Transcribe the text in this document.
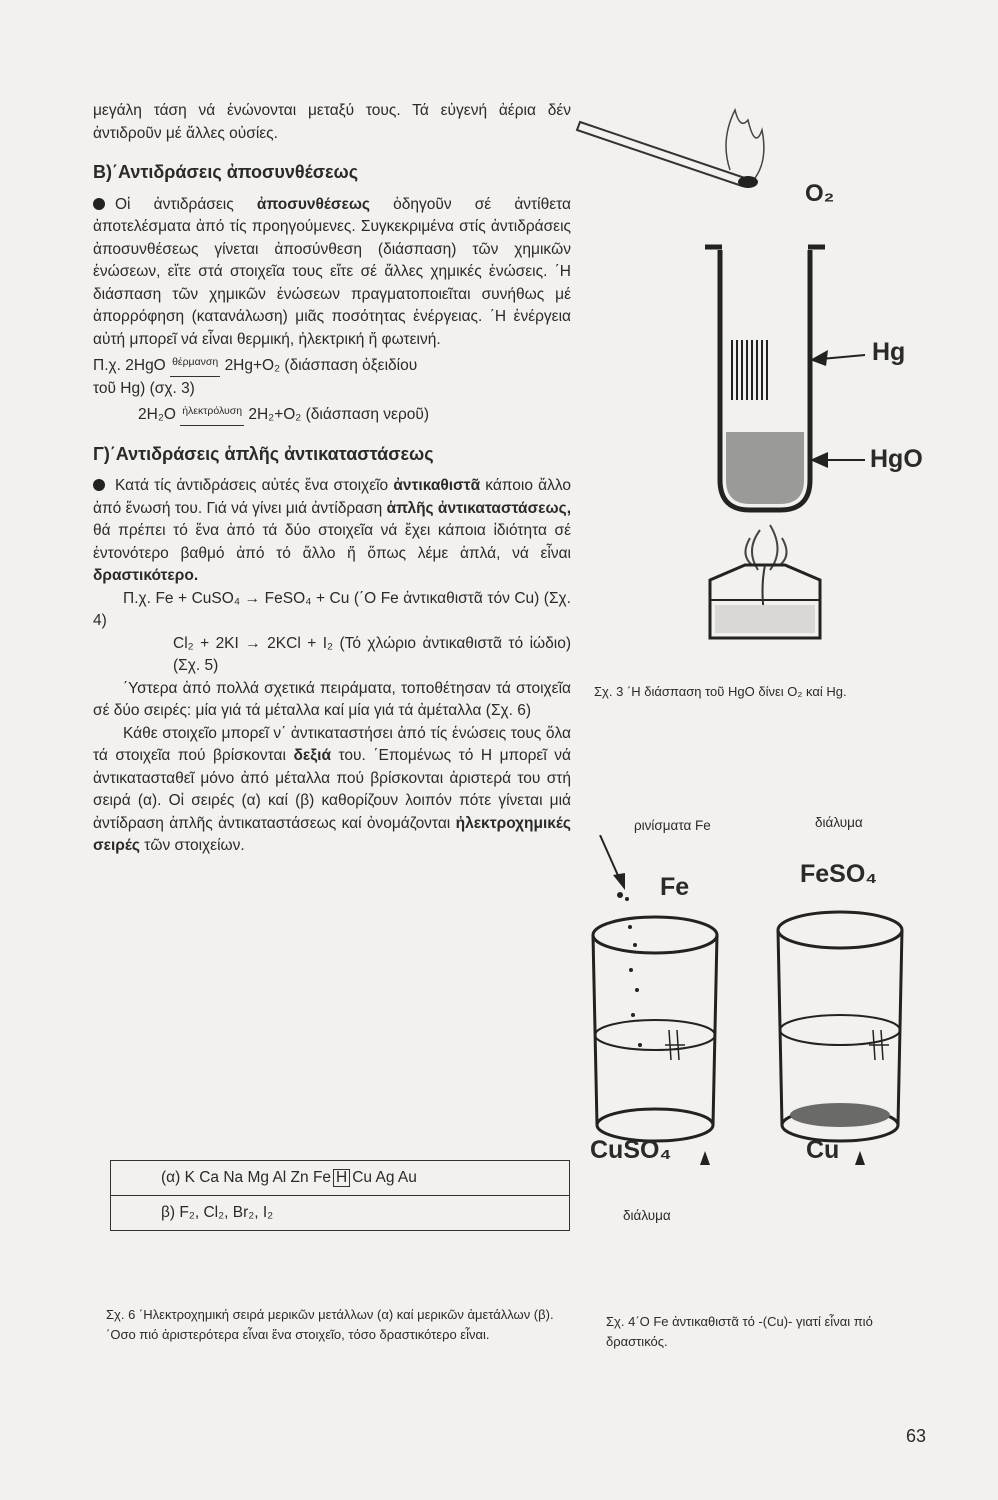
μεγάλη τάση νά ἑνώνονται μεταξύ τους. Τά εὐγενή ἀέρια δέν ἀντιδροῦν μέ ἄλλες οὐσίες.

Β)΄Αντιδράσεις ἀποσυνθέσεως

Οἱ ἀντιδράσεις ἀποσυνθέσεως ὁδηγοῦν σέ ἀντίθετα ἀποτελέσματα ἀπό τίς προηγούμενες. Συγκεκριμένα στίς ἀντιδράσεις ἀποσυνθέσεως γίνεται ἀποσύνθεση (διάσπαση) τῶν χημικῶν ἑνώσεων, εἴτε στά στοιχεῖα τους εἴτε σέ ἄλλες χημικές ἑνώσεις. ΄Η διάσπαση τῶν χημικῶν ἑνώσεων πραγματοποιεῖται συνήθως μέ ἀπορρόφηση (κατανάλωση) μιᾶς ποσότητας ἐνέργειας. ΄Η ἐνέργεια αὐτή μπορεῖ νά εἶναι θερμική, ἠλεκτρική ἤ φωτεινή.

Π.χ. 2HgO θέρμανση 2Hg+O₂ (διάσπαση ὀξειδίου

τοῦ Hg) (σχ. 3)

2H₂O ἠλεκτρόλυση 2H₂+O₂ (διάσπαση νεροῦ)

Γ)΄Αντιδράσεις ἁπλῆς ἀντικαταστάσεως

Κατά τίς ἀντιδράσεις αὐτές ἕνα στοιχεῖο ἀντικαθιστᾶ κάποιο ἄλλο ἀπό ἕνωσή του. Γιά νά γίνει μιά ἀντίδραση ἁπλῆς ἀντικαταστάσεως, θά πρέπει τό ἕνα ἀπό τά δύο στοιχεῖα νά ἔχει κάποια ἰδιότητα σέ ἐντονότερο βαθμό ἀπό τό ἄλλο ἤ ὅπως λέμε ἁπλά, νά εἶναι δραστικότερο.

Π.χ. Fe + CuSO₄ → FeSO₄ + Cu (΄Ο Fe ἀντικαθιστᾶ τόν Cu) (Σχ. 4)

Cl₂ + 2KI → 2KCl + I₂ (Τό χλώριο ἀντικαθιστᾶ τό ἰώδιο) (Σχ. 5)

΄Υστερα ἀπό πολλά σχετικά πειράματα, τοποθέτησαν τά στοιχεῖα σέ δύο σειρές: μία γιά τά μέταλλα καί μία γιά τά ἀμέταλλα (Σχ. 6)

Κάθε στοιχεῖο μπορεῖ ν΄ ἀντικαταστήσει ἀπό τίς ἑνώσεις τους ὅλα τά στοιχεῖα πού βρίσκονται δεξιά του. ΄Επομένως τό Η μπορεῖ νά ἀντικατασταθεῖ μόνο ἀπό μέταλλα πού βρίσκονται ἀριστερά του στή σειρά (α). Οἱ σειρές (α) καί (β) καθορίζουν λοιπόν πότε γίνεται μιά ἀντίδραση ἁπλῆς ἀντικαταστάσεως καί ὀνομάζονται ἠλεκτροχημικές σειρές τῶν στοιχείων.

(α) K Ca Na Mg Al Zn Fe H Cu Ag Au
β) F₂, Cl₂, Br₂, I₂
Σχ. 6 ΄Ηλεκτροχημική σειρά μερικῶν μετάλλων (α) καί μερικῶν ἀμετάλλων (β). ΄Οσο πιό ἀριστερότερα εἶναι ἕνα στοιχεῖο, τόσο δραστικότερο εἶναι.
O₂
Hg
HgO
Σχ. 3 ΄Η διάσπαση τοῦ HgO δίνει O₂ καί Hg.
ρινίσματα Fe	διάλυμα
Fe	FeSO₄
CuSO₄	Cu
διάλυμα
Σχ. 4΄Ο Fe ἀντικαθιστᾶ τό -(Cu)- γιατί εἶναι πιό δραστικός.
63
